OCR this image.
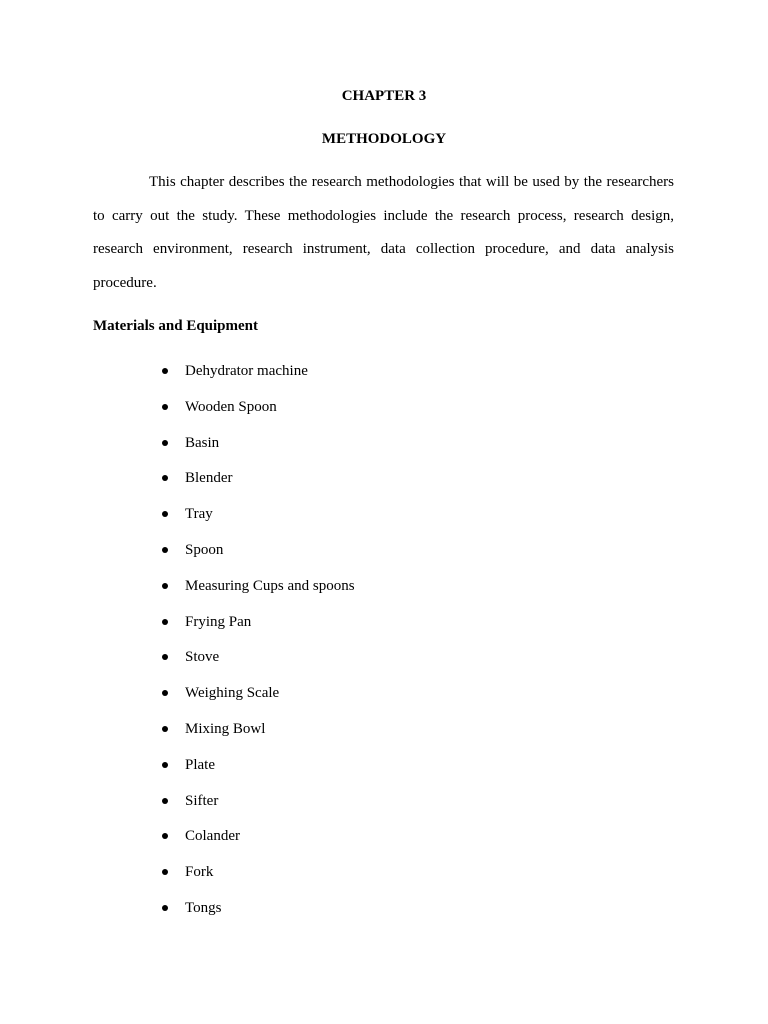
CHAPTER 3
METHODOLOGY

This chapter describes the research methodologies that will be used by the researchers to carry out the study. These methodologies include the research process, research design, research environment, research instrument, data collection procedure, and data analysis procedure.

Materials and Equipment
Dehydrator machine
Wooden Spoon
Basin
Blender
Tray
Spoon
Measuring Cups and spoons
Frying Pan
Stove
Weighing Scale
Mixing Bowl
Plate
Sifter
Colander
Fork
Tongs
